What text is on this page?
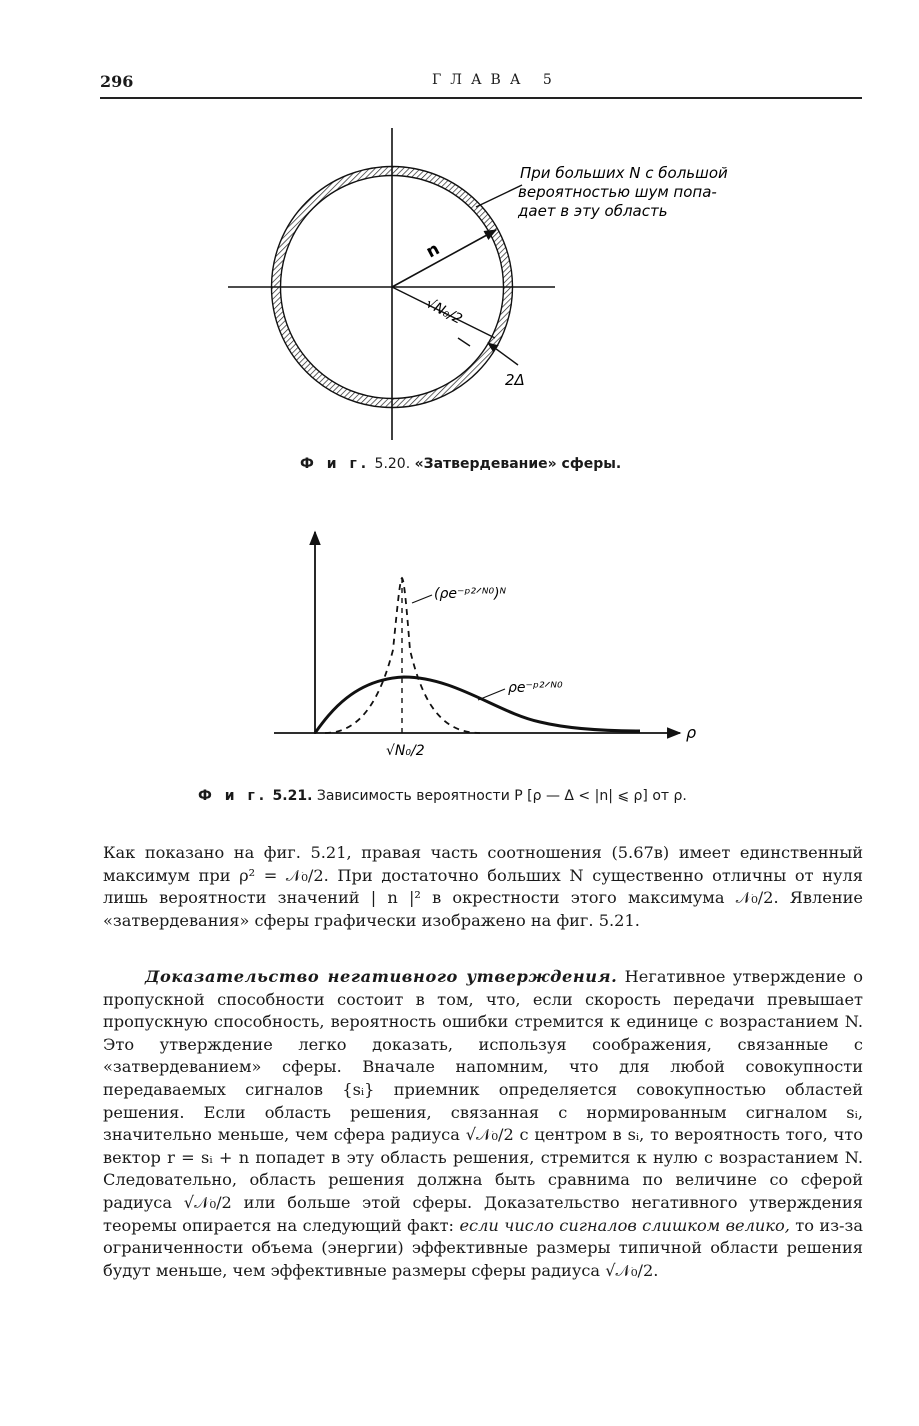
296	ГЛАВА 5
n
√N₀/2
2Δ
При больших N с большой
вероятностью шум попа-
дает в эту область
(ρe⁻ᵖ²ᐟᴺ⁰)ᴺ
ρe⁻ᵖ²ᐟᴺ⁰
ρ
√N₀/2
Ф и г. 5.20. «Затвердевание» сферы.
Ф и г. 5.21. Зависимость вероятности P [ρ — Δ < |n| ⩽ ρ] от ρ.

Как показано на фиг. 5.21, правая часть соотношения (5.67в) имеет единственный максимум при ρ² = 𝒩₀/2. При достаточно больших N существенно отличны от нуля лишь вероятности значений | n |² в окрестности этого максимума 𝒩₀/2. Явление «затвердевания» сферы графически изображено на фиг. 5.21.

Доказательство негативного утверждения. Негативное утверждение о пропускной способности состоит в том, что, если скорость передачи превышает пропускную способность, вероятность ошибки стремится к единице с возрастанием N. Это утверждение легко доказать, используя соображения, связанные с «затвердеванием» сферы. Вначале напомним, что для любой совокупности передаваемых сигналов {sᵢ} приемник определяется совокупностью областей решения. Если область решения, связанная с нормированным сигналом sᵢ, значительно меньше, чем сфера радиуса √𝒩₀/2 с центром в sᵢ, то вероятность того, что вектор r = sᵢ + n попадет в эту область решения, стремится к нулю с возрастанием N. Следовательно, область решения должна быть сравнима по величине со сферой радиуса √𝒩₀/2 или больше этой сферы. Доказательство негативного утверждения теоремы опирается на следующий факт: если число сигналов слишком велико, то из-за ограниченности объема (энергии) эффективные размеры типичной области решения будут меньше, чем эффективные размеры сферы радиуса √𝒩₀/2.
